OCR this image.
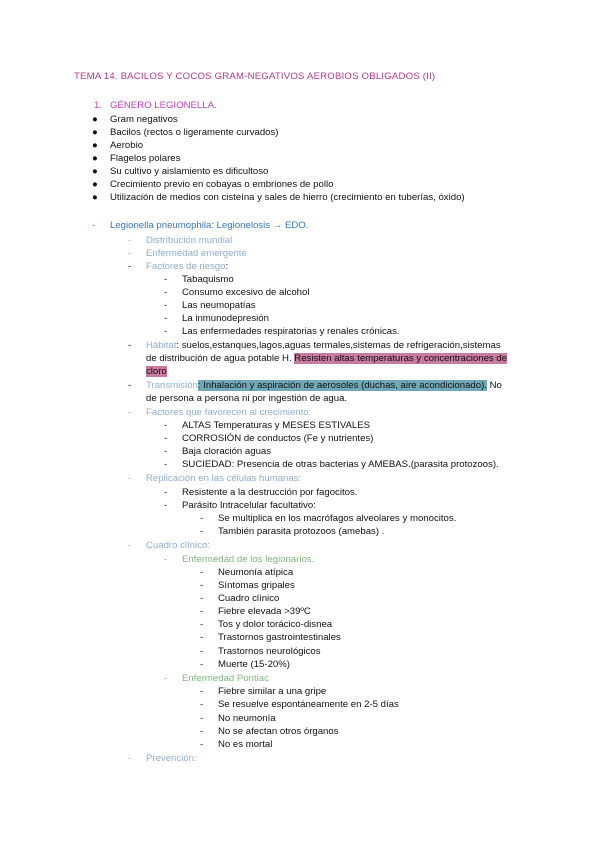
TEMA 14. BACILOS Y COCOS GRAM-NEGATIVOS AEROBIOS OBLIGADOS (II)
1. GÉNERO LEGIONELLA.
● Gram negativos
● Bacilos (rectos o ligeramente curvados)
● Aerobio
● Flagelos polares
● Su cultivo y aislamiento es dificultoso
● Crecimiento previo en cobayas o embriones de pollo
● Utilización de medios con cisteína y sales de hierro (crecimiento en tuberías, óxido)
- Legionella pneumophila: Legionelosis → EDO.
- Distribución mundial
- Enfermedad emergente
- Factores de riesgo:
- Tabaquismo
- Consumo excesivo de alcohol
- Las neumopatías
- La inmunodepresión
- Las enfermedades respiratorias y renales crónicas.
- Hábitat: suelos,estanques,lagos,aguas termales,sistemas de refrigeración,sistemas
de distribución de agua potable H. Resisten altas temperaturas y concentraciones de
cloro
- Transmisión: Inhalación y aspiración de aerosoles (duchas, aire acondicionado). No
de persona a persona ni por ingestión de agua.
- Factores que favorecen al crecimiento:
- ALTAS Temperaturas y MESES ESTIVALES
- CORROSIÓN de conductos (Fe y nutrientes)
- Baja cloración aguas
- SUCIEDAD: Presencia de otras bacterias y AMEBAS.(parasita protozoos).
- Replicación en las células humanas:
- Resistente a la destrucción por fagocitos.
- Parásito Intracelular facultativo:
- Se multiplica en los macrófagos alveolares y monocitos.
- También parasita protozoos (amebas) .
- Cuadro clínico:
- Enfermedad de los legionarios.
- Neumonía atípica
- Síntomas gripales
- Cuadro clínico
- Fiebre elevada >39ºC
- Tos y dolor torácico-disnea
- Trastornos gastrointestinales
- Trastornos neurológicos
- Muerte (15-20%)
- Enfermedad Pontiac
- Fiebre similar a una gripe
- Se resuelve espontáneamente en 2-5 días
- No neumonía
- No se afectan otros órganos
- No es mortal
- Prevención:
